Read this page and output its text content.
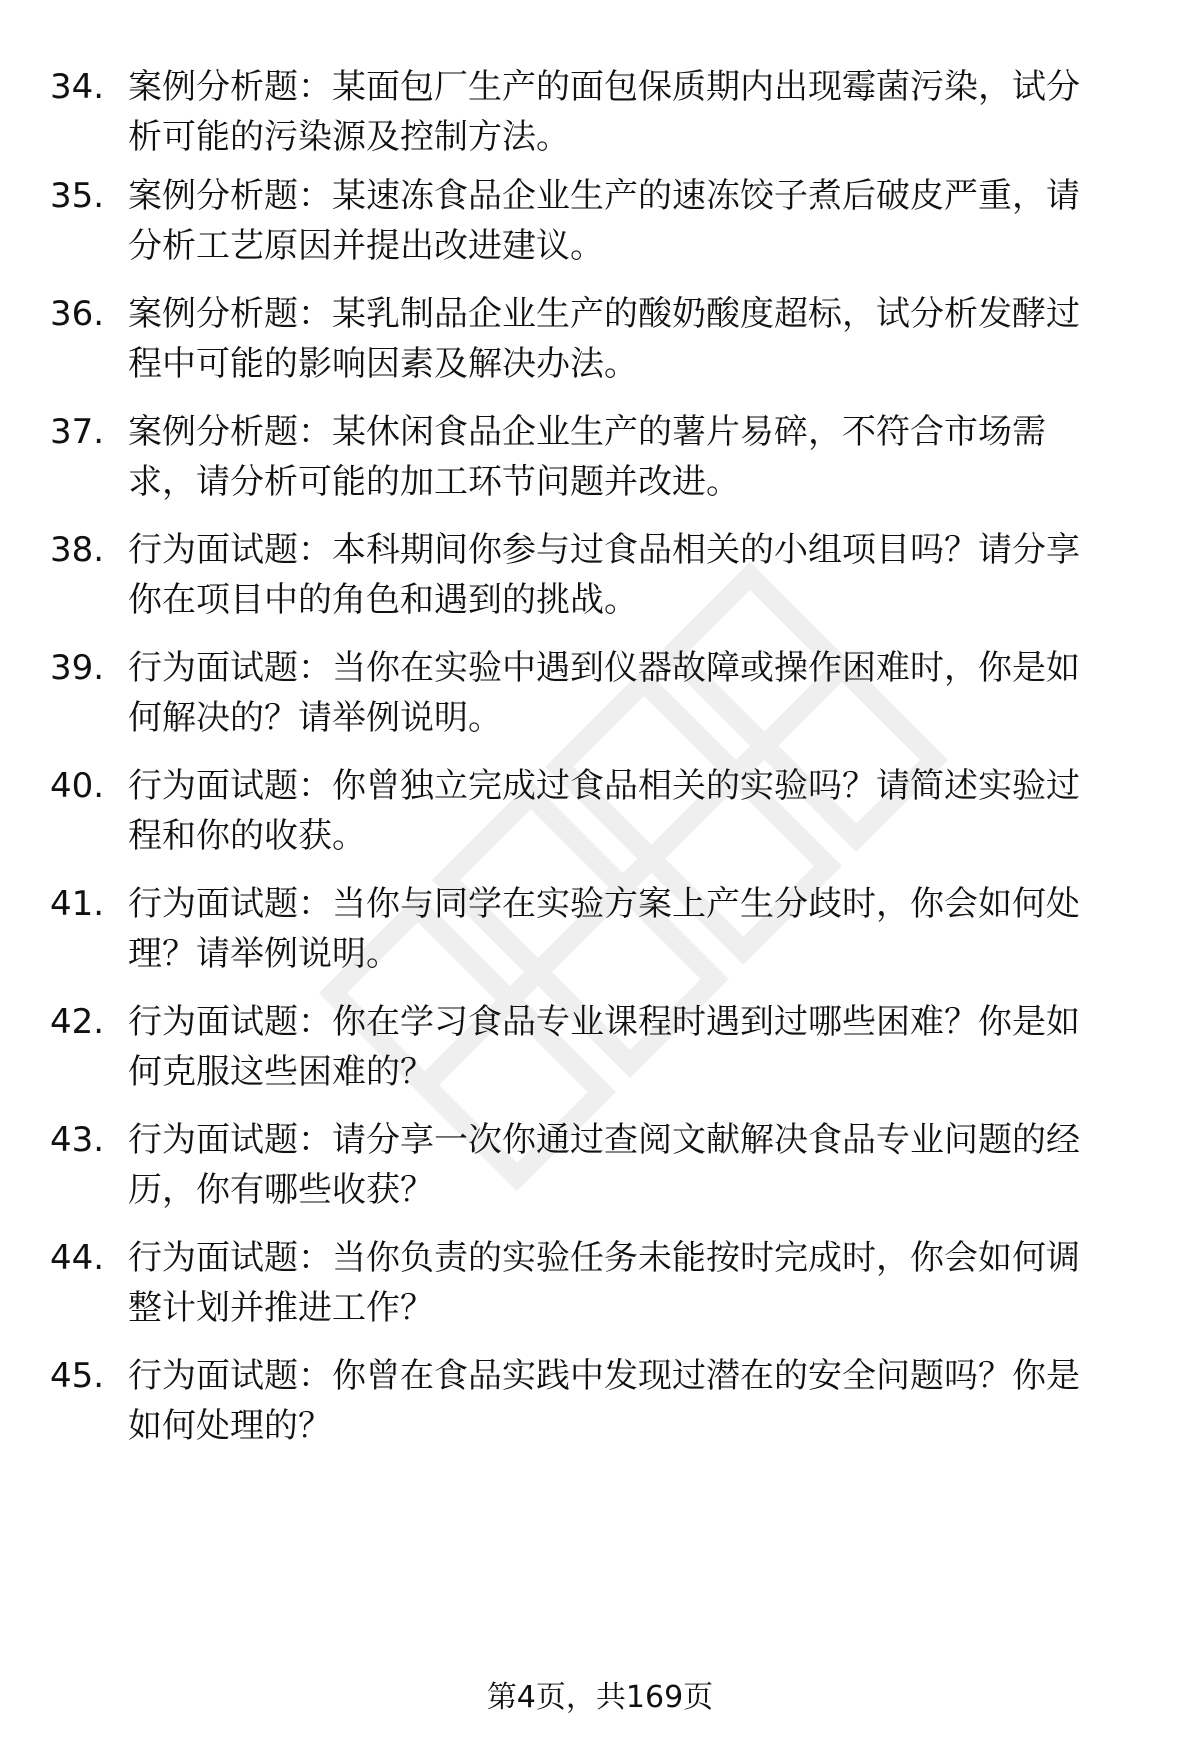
34. 案例分析题：某面包厂生产的面包保质期内出现霉菌污染，试分
析可能的污染源及控制方法。
35. 案例分析题：某速冻食品企业生产的速冻饺子煮后破皮严重，请
分析工艺原因并提出改进建议。
36. 案例分析题：某乳制品企业生产的酸奶酸度超标，试分析发酵过
程中可能的影响因素及解决办法。
37. 案例分析题：某休闲食品企业生产的薯片易碎，不符合市场需
求，请分析可能的加工环节问题并改进。
38. 行为面试题：本科期间你参与过食品相关的小组项目吗？请分享
你在项目中的角色和遇到的挑战。
39. 行为面试题：当你在实验中遇到仪器故障或操作困难时，你是如
何解决的？请举例说明。
40. 行为面试题：你曾独立完成过食品相关的实验吗？请简述实验过
程和你的收获。
41. 行为面试题：当你与同学在实验方案上产生分歧时，你会如何处
理？请举例说明。
42. 行为面试题：你在学习食品专业课程时遇到过哪些困难？你是如
何克服这些困难的？
43. 行为面试题：请分享一次你通过查阅文献解决食品专业问题的经
历，你有哪些收获？
44. 行为面试题：当你负责的实验任务未能按时完成时，你会如何调
整计划并推进工作？
45. 行为面试题：你曾在食品实践中发现过潜在的安全问题吗？你是
如何处理的？
第4页，共169页
